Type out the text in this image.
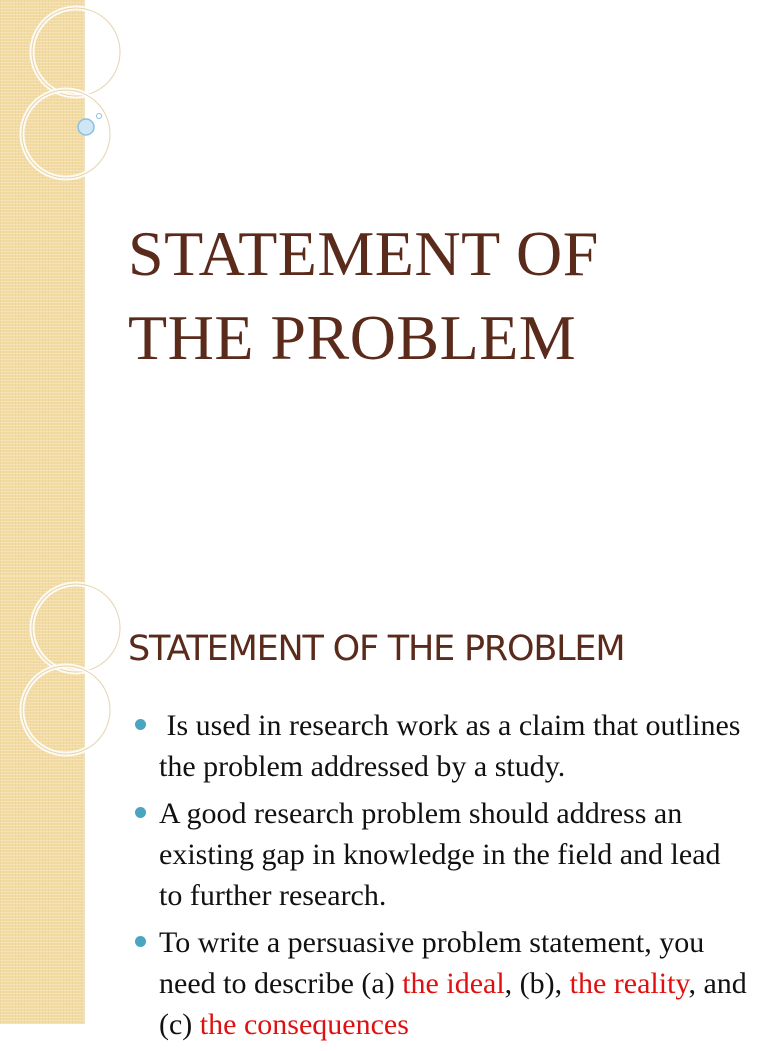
STATEMENT OF
THE PROBLEM
STATEMENT OF THE PROBLEM
Is used in research work as a claim that outlines the problem addressed by a study.
A good research problem should address an existing gap in knowledge in the field and lead to further research.
To write a persuasive problem statement, you need to describe (a) the ideal, (b), the reality, and (c) the consequences
